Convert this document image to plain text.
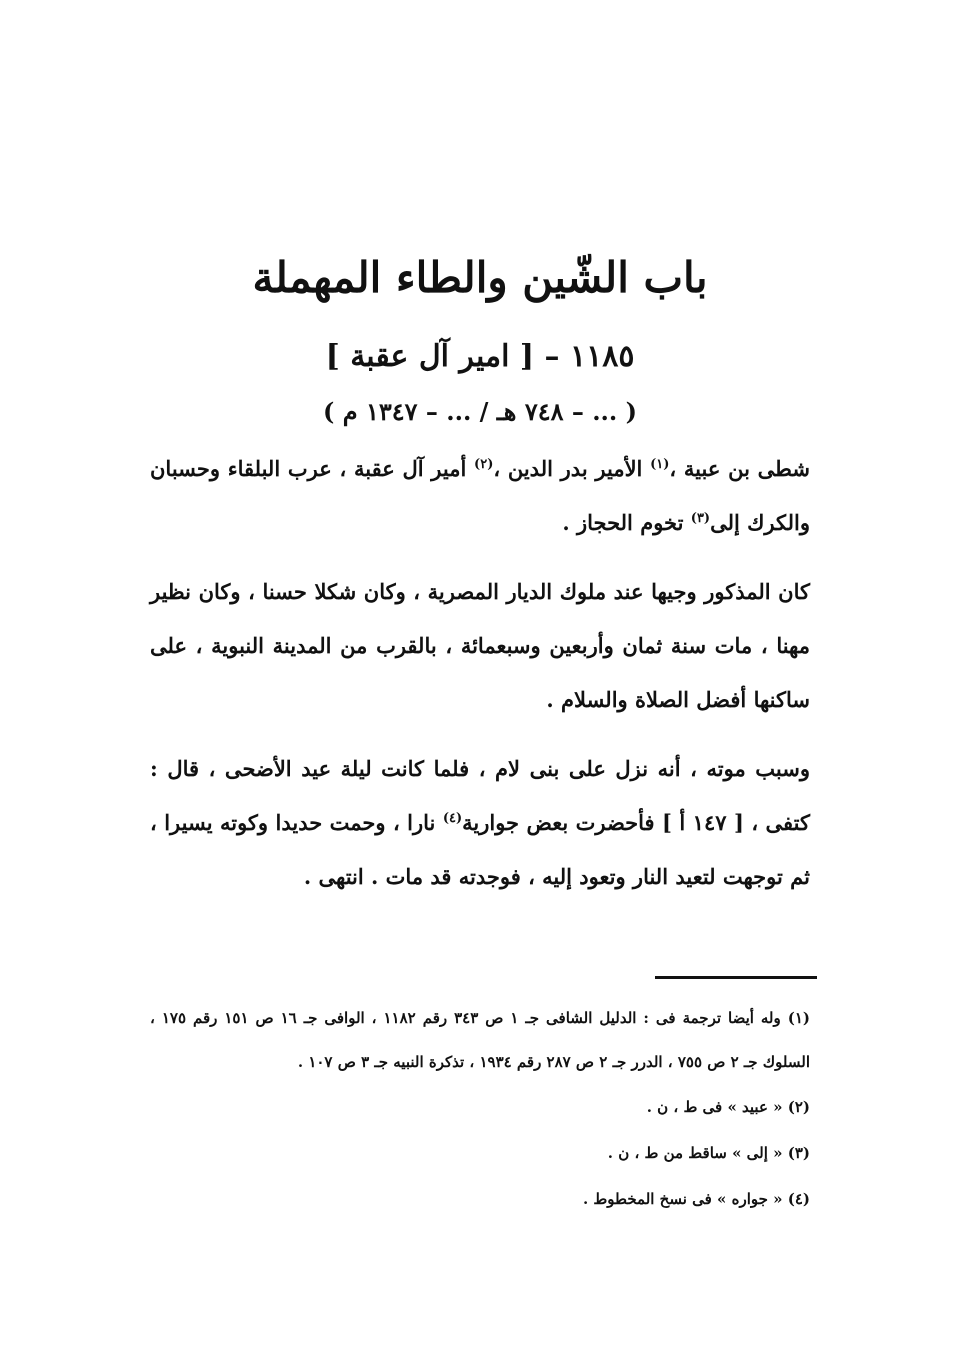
باب الشّين والطاء المهملة
١١٨٥ – [ امير آل عقبة ]

( ... – ٧٤٨ هـ / ... – ١٣٤٧ م )

شطى بن عبية ،$^{(١)}$ الأمير بدر الدين ،$^{(٢)}$ أمير آل عقبة ، عرب البلقاء وحسبان والكرك إلى$^{(٣)}$ تخوم الحجاز .

كان المذكور وجيها عند ملوك الديار المصرية ، وكان شكلا حسنا ، وكان نظير مهنا ، مات سنة ثمان وأربعين وسبعمائة ، بالقرب من المدينة النبوية ، على ساكنها أفضل الصلاة والسلام .

وسبب موته ، أنه نزل على بنى لام ، فلما كانت ليلة عيد الأضحى ، قال : كتفى ، [ ١٤٧ أ ] فأحضرت بعض جوارية$^{(٤)}$ نارا ، وحمت حديدا وكوته يسيرا ، ثم توجهت لتعيد النار وتعود إليه ، فوجدته قد مات . انتهى .

(١) وله أيضا ترجمة فى : الدليل الشافى جـ ١ ص ٣٤٣ رقم ١١٨٢ ، الوافى جـ ١٦ ص ١٥١ رقم ١٧٥ ، السلوك جـ ٢ ص ٧٥٥ ، الدرر جـ ٢ ص ٢٨٧ رقم ١٩٣٤ ، تذكرة النبيه جـ ٣ ص ١٠٧ .

(٢) « عبيد » فى ط ، ن .

(٣) « إلى » ساقط من ط ، ن .

(٤) « جواره » فى نسخ المخطوط .
